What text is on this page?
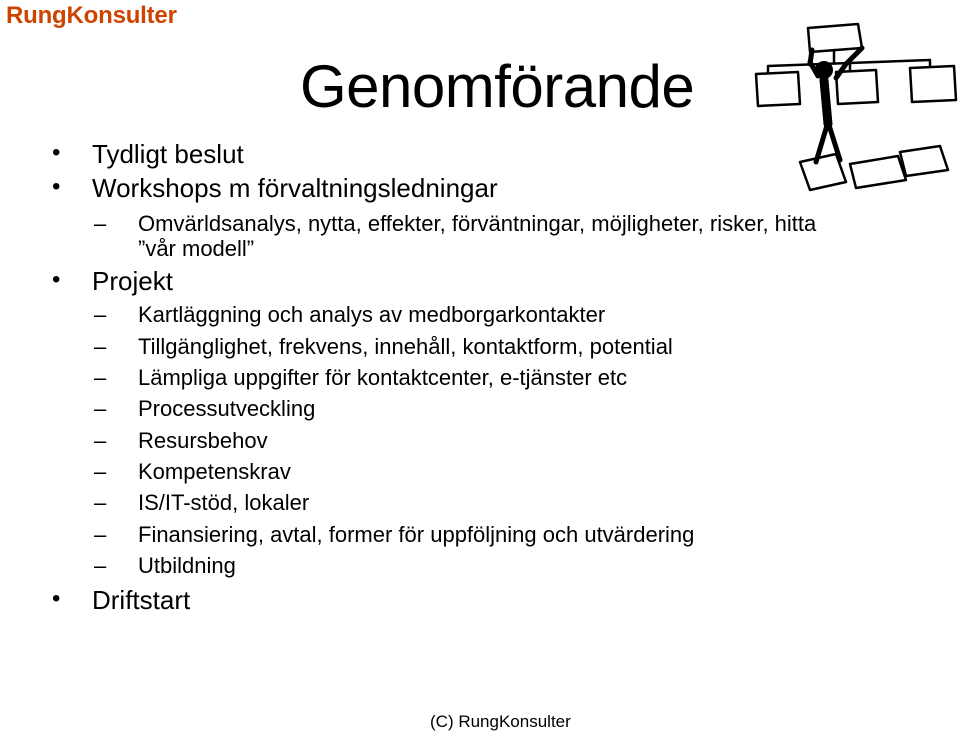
RungKonsulter
Genomförande
• Tydligt beslut
• Workshops m förvaltningsledningar
– Omvärldsanalys, nytta, effekter, förväntningar, möjligheter, risker, hitta
”vår modell”
• Projekt
– Kartläggning och analys av medborgarkontakter
– Tillgänglighet, frekvens, innehåll, kontaktform, potential
– Lämpliga uppgifter för kontaktcenter, e-tjänster etc
– Processutveckling
– Resursbehov
– Kompetenskrav
– IS/IT-stöd, lokaler
– Finansiering, avtal, former för uppföljning och utvärdering
– Utbildning
• Driftstart
(C) RungKonsulter
